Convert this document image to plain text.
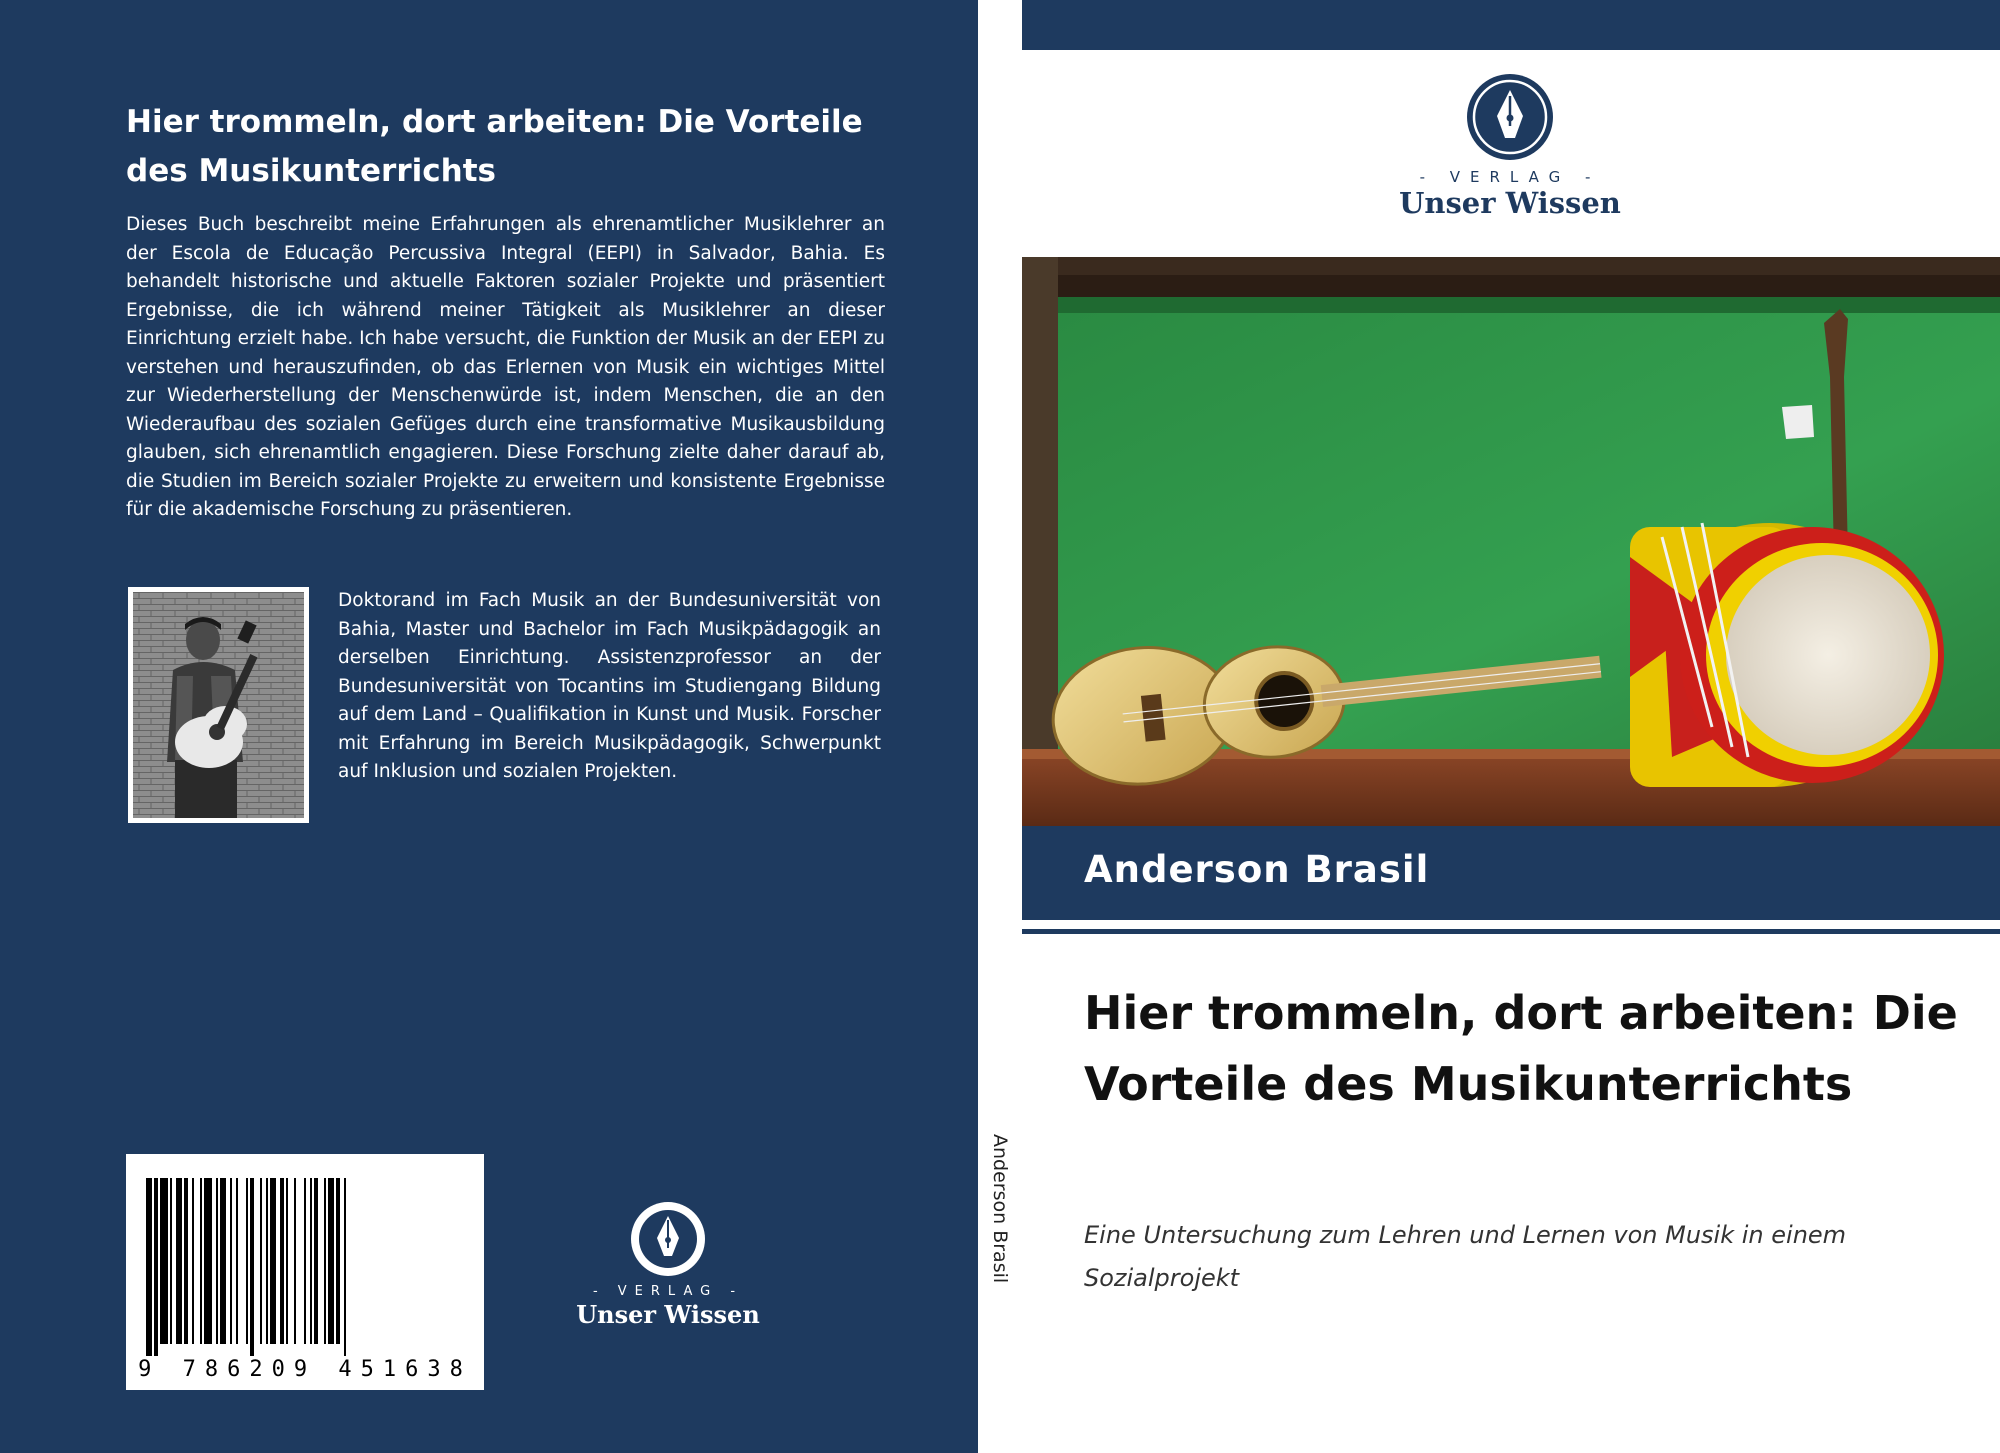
Hier trommeln, dort arbeiten: Die Vorteile des Musikunterrichts
Dieses Buch beschreibt meine Erfahrungen als ehrenamtlicher Musiklehrer an der Escola de Educação Percussiva Integral (EEPI) in Salvador, Bahia. Es behandelt historische und aktuelle Faktoren sozialer Projekte und präsentiert Ergebnisse, die ich während meiner Tätigkeit als Musiklehrer an dieser Einrichtung erzielt habe. Ich habe versucht, die Funktion der Musik an der EEPI zu verstehen und herauszufinden, ob das Erlernen von Musik ein wichtiges Mittel zur Wiederherstellung der Menschenwürde ist, indem Menschen, die an den Wiederaufbau des sozialen Gefüges durch eine transformative Musikausbildung glauben, sich ehrenamtlich engagieren. Diese Forschung zielte daher darauf ab, die Studien im Bereich sozialer Projekte zu erweitern und konsistente Ergebnisse für die akademische Forschung zu präsentieren.
Doktorand im Fach Musik an der Bundesuniversität von Bahia, Master und Bachelor im Fach Musikpädagogik an derselben Einrichtung. Assistenzprofessor an der Bundesuniversität von Tocantins im Studiengang Bildung auf dem Land – Qualifikation in Kunst und Musik. Forscher mit Erfahrung im Bereich Musikpädagogik, Schwerpunkt auf Inklusion und sozialen Projekten.
9 786209 451638
- VERLAG -
Unser Wissen
Anderson Brasil
- VERLAG -
Unser Wissen
Anderson Brasil
Hier trommeln, dort arbeiten: Die Vorteile des Musikunterrichts
Eine Untersuchung zum Lehren und Lernen von Musik in einem Sozialprojekt
